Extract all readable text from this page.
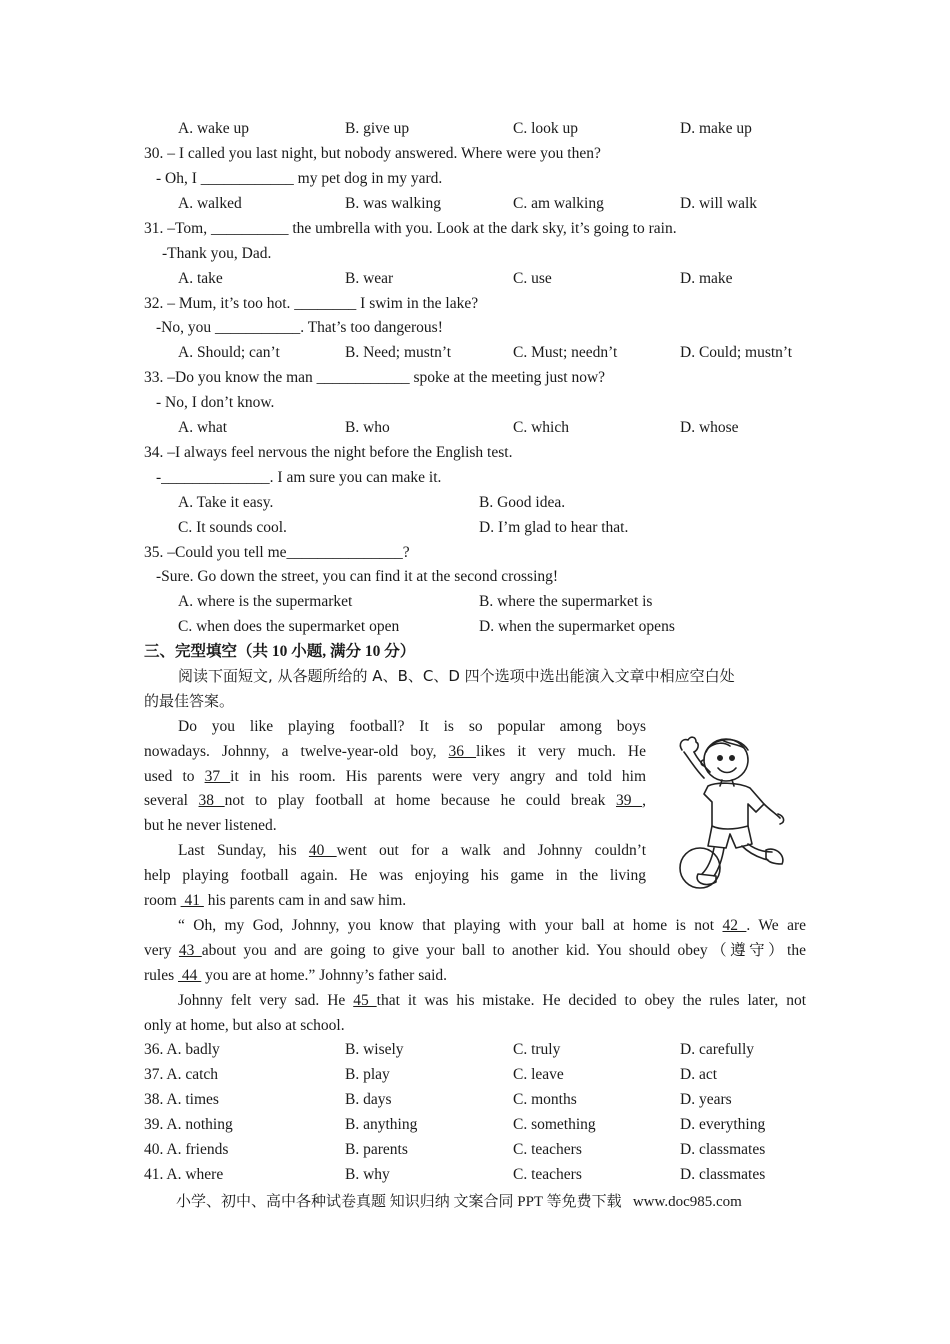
A. wake up	B. give up	C. look up	D. make up
30. – I called you last night, but nobody answered. Where were you then?
- Oh, I ____________ my pet dog in my yard.
A. walked	B. was walking	C. am walking	D. will walk
31. –Tom, __________ the umbrella with you. Look at the dark sky, it’s going to rain.
-Thank you, Dad.
A. take	B. wear	C. use	D. make
32. – Mum, it’s too hot. ________ I swim in the lake?
-No, you ___________. That’s too dangerous!
A. Should; can’t	B. Need; mustn’t	C. Must; needn’t	D. Could; mustn’t
33. –Do you know the man ____________ spoke at the meeting just now?
- No, I don’t know.
A. what	B. who	C. which	D. whose
34. –I always feel nervous the night before the English test.
-______________. I am sure you can make it.
A. Take it easy.	B. Good idea.
C. It sounds cool.	D. I’m glad to hear that.
35. –Could you tell me_______________?
-Sure. Go down the street, you can find it at the second crossing!
A. where is the supermarket	B. where the supermarket is
C. when does the supermarket open	D. when the supermarket opens
三、完型填空（共 10 小题, 满分 10 分）
阅读下面短文, 从各题所给的 A、B、C、D 四个选项中选出能演入文章中相应空白处
的最佳答案。
Do you like playing football? It is so popular among boys
nowadays. Johnny, a twelve-year-old boy, 36 likes it very much. He
used to 37 it in his room. His parents were very angry and told him
several 38 not to play football at home because he could break 39 ,
but he never listened.
Last Sunday, his 40 went out for a walk and Johnny couldn’t
help playing football again. He was enjoying his game in the living
room  41  his parents cam in and saw him.
“ Oh, my God, Johnny, you know that playing with your ball at home is not 42 . We are
very 43 about you and are going to give your ball to another kid. You should obey（遵守）the
rules  44  you are at home.” Johnny’s father said.
Johnny felt very sad. He 45 that it was his mistake. He decided to obey the rules later, not
only at home, but also at school.
36. A. badly	B. wisely	C. truly	D. carefully
37. A. catch	B. play	C. leave	D. act
38. A. times	B. days	C. months	D. years
39. A. nothing	B. anything	C. something	D. everything
40. A. friends	B. parents	C. teachers	D. classmates
41. A. where	B. why	C. teachers	D. classmates
小学、初中、高中各种试卷真题 知识归纳 文案合同 PPT 等免费下载   www.doc985.com
